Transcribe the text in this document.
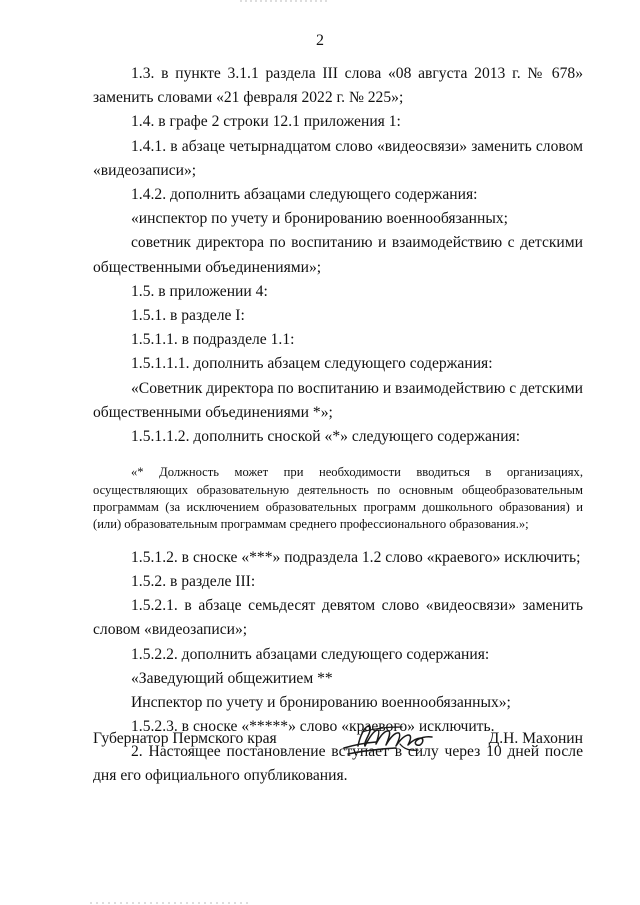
2

1.3. в пункте 3.1.1 раздела III слова «08 августа 2013 г. № 678» заменить словами «21 февраля 2022 г. № 225»;

1.4. в графе 2 строки 12.1 приложения 1:

1.4.1. в абзаце четырнадцатом слово «видеосвязи» заменить словом «видеозаписи»;

1.4.2. дополнить абзацами следующего содержания:

«инспектор по учету и бронированию военнообязанных;

советник директора по воспитанию и взаимодействию с детскими общественными объединениями»;

1.5. в приложении 4:

1.5.1. в разделе I:

1.5.1.1. в подразделе 1.1:

1.5.1.1.1. дополнить абзацем следующего содержания:

«Советник директора по воспитанию и взаимодействию с детскими общественными объединениями *»;

1.5.1.1.2. дополнить сноской «*» следующего содержания:

«* Должность может при необходимости вводиться в организациях, осуществляющих образовательную деятельность по основным общеобразовательным программам (за исключением образовательных программ дошкольного образования) и (или) образовательным программам среднего профессионального образования.»;

1.5.1.2. в сноске «***» подраздела 1.2 слово «краевого» исключить;

1.5.2. в разделе III:

1.5.2.1. в абзаце семьдесят девятом слово «видеосвязи» заменить словом «видеозаписи»;

1.5.2.2. дополнить абзацами следующего содержания:

«Заведующий общежитием **

Инспектор по учету и бронированию военнообязанных»;

1.5.2.3. в сноске «*****» слово «краевого» исключить.

2. Настоящее постановление вступает в силу через 10 дней после дня его официального опубликования.

Губернатор Пермского края	Д.Н. Махонин
